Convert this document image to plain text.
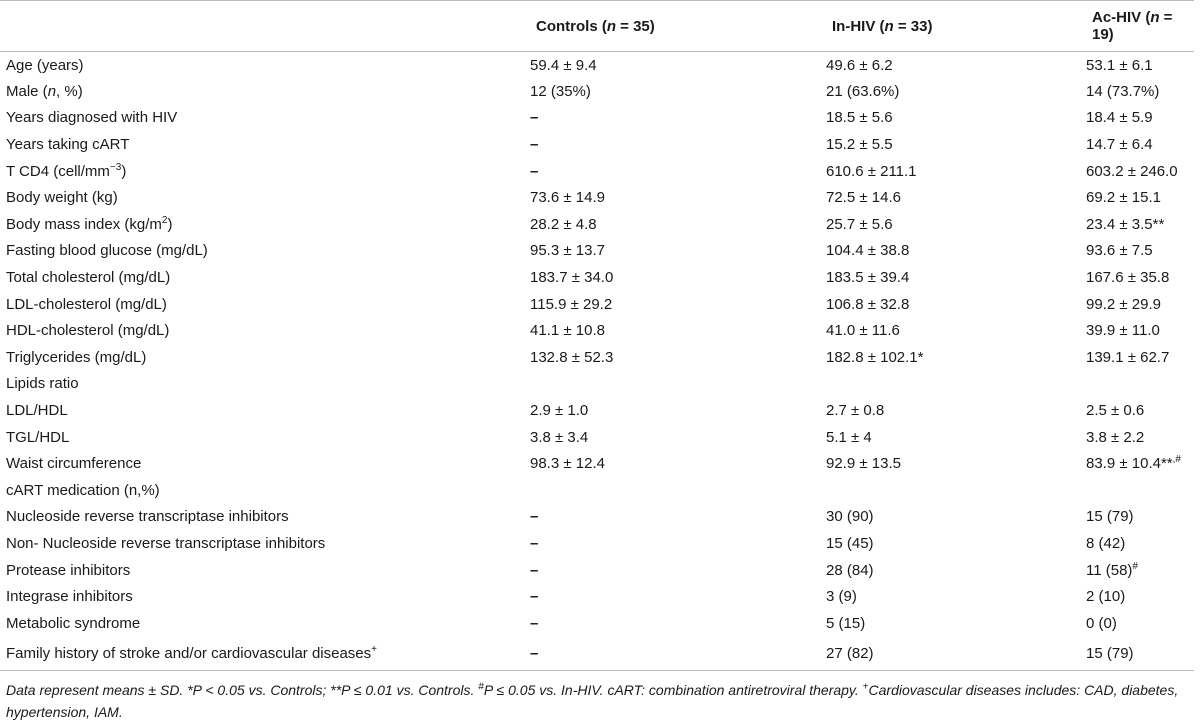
	Controls (n = 35)	In-HIV (n = 33)	Ac-HIV (n = 19)
Age (years)	59.4 ± 9.4	49.6 ± 6.2	53.1 ± 6.1
Male (n, %)	12 (35%)	21 (63.6%)	14 (73.7%)
Years diagnosed with HIV	–	18.5 ± 5.6	18.4 ± 5.9
Years taking cART	–	15.2 ± 5.5	14.7 ± 6.4
T CD4 $(cell/mm^{-3})$	–	610.6 ± 211.1	603.2 ± 246.0
Body weight (kg)	73.6 ± 14.9	72.5 ± 14.6	69.2 ± 15.1
Body mass index $(kg/m^2)$	28.2 ± 4.8	25.7 ± 5.6	23.4 ± 3.5**
Fasting blood glucose (mg/dL)	95.3 ± 13.7	104.4 ± 38.8	93.6 ± 7.5
Total cholesterol (mg/dL)	183.7 ± 34.0	183.5 ± 39.4	167.6 ± 35.8
LDL-cholesterol (mg/dL)	115.9 ± 29.2	106.8 ± 32.8	99.2 ± 29.9
HDL-cholesterol (mg/dL)	41.1 ± 10.8	41.0 ± 11.6	39.9 ± 11.0
Triglycerides (mg/dL)	132.8 ± 52.3	182.8 ± 102.1*	139.1 ± 62.7
Lipids ratio			
LDL/HDL	2.9 ± 1.0	2.7 ± 0.8	2.5 ± 0.6
TGL/HDL	3.8 ± 3.4	5.1 ± 4	3.8 ± 2.2
Waist circumference	98.3 ± 12.4	92.9 ± 13.5	83.9 ± 10.4**,#
cART medication (n,%)			
Nucleoside reverse transcriptase inhibitors	–	30 (90)	15 (79)
Non- Nucleoside reverse transcriptase inhibitors	–	15 (45)	8 (42)
Protease inhibitors	–	28 (84)	11 (58)#
Integrase inhibitors	–	3 (9)	2 (10)
Metabolic syndrome	–	5 (15)	0 (0)
Family history of stroke and/or cardiovascular diseases+	–	27 (82)	15 (79)
Data represent means ± SD. *P < 0.05 vs. Controls; **P ≤ 0.01 vs. Controls. #P ≤ 0.05 vs. In-HIV. cART: combination antiretroviral therapy. +Cardiovascular diseases includes: CAD, diabetes, hypertension, IAM.
